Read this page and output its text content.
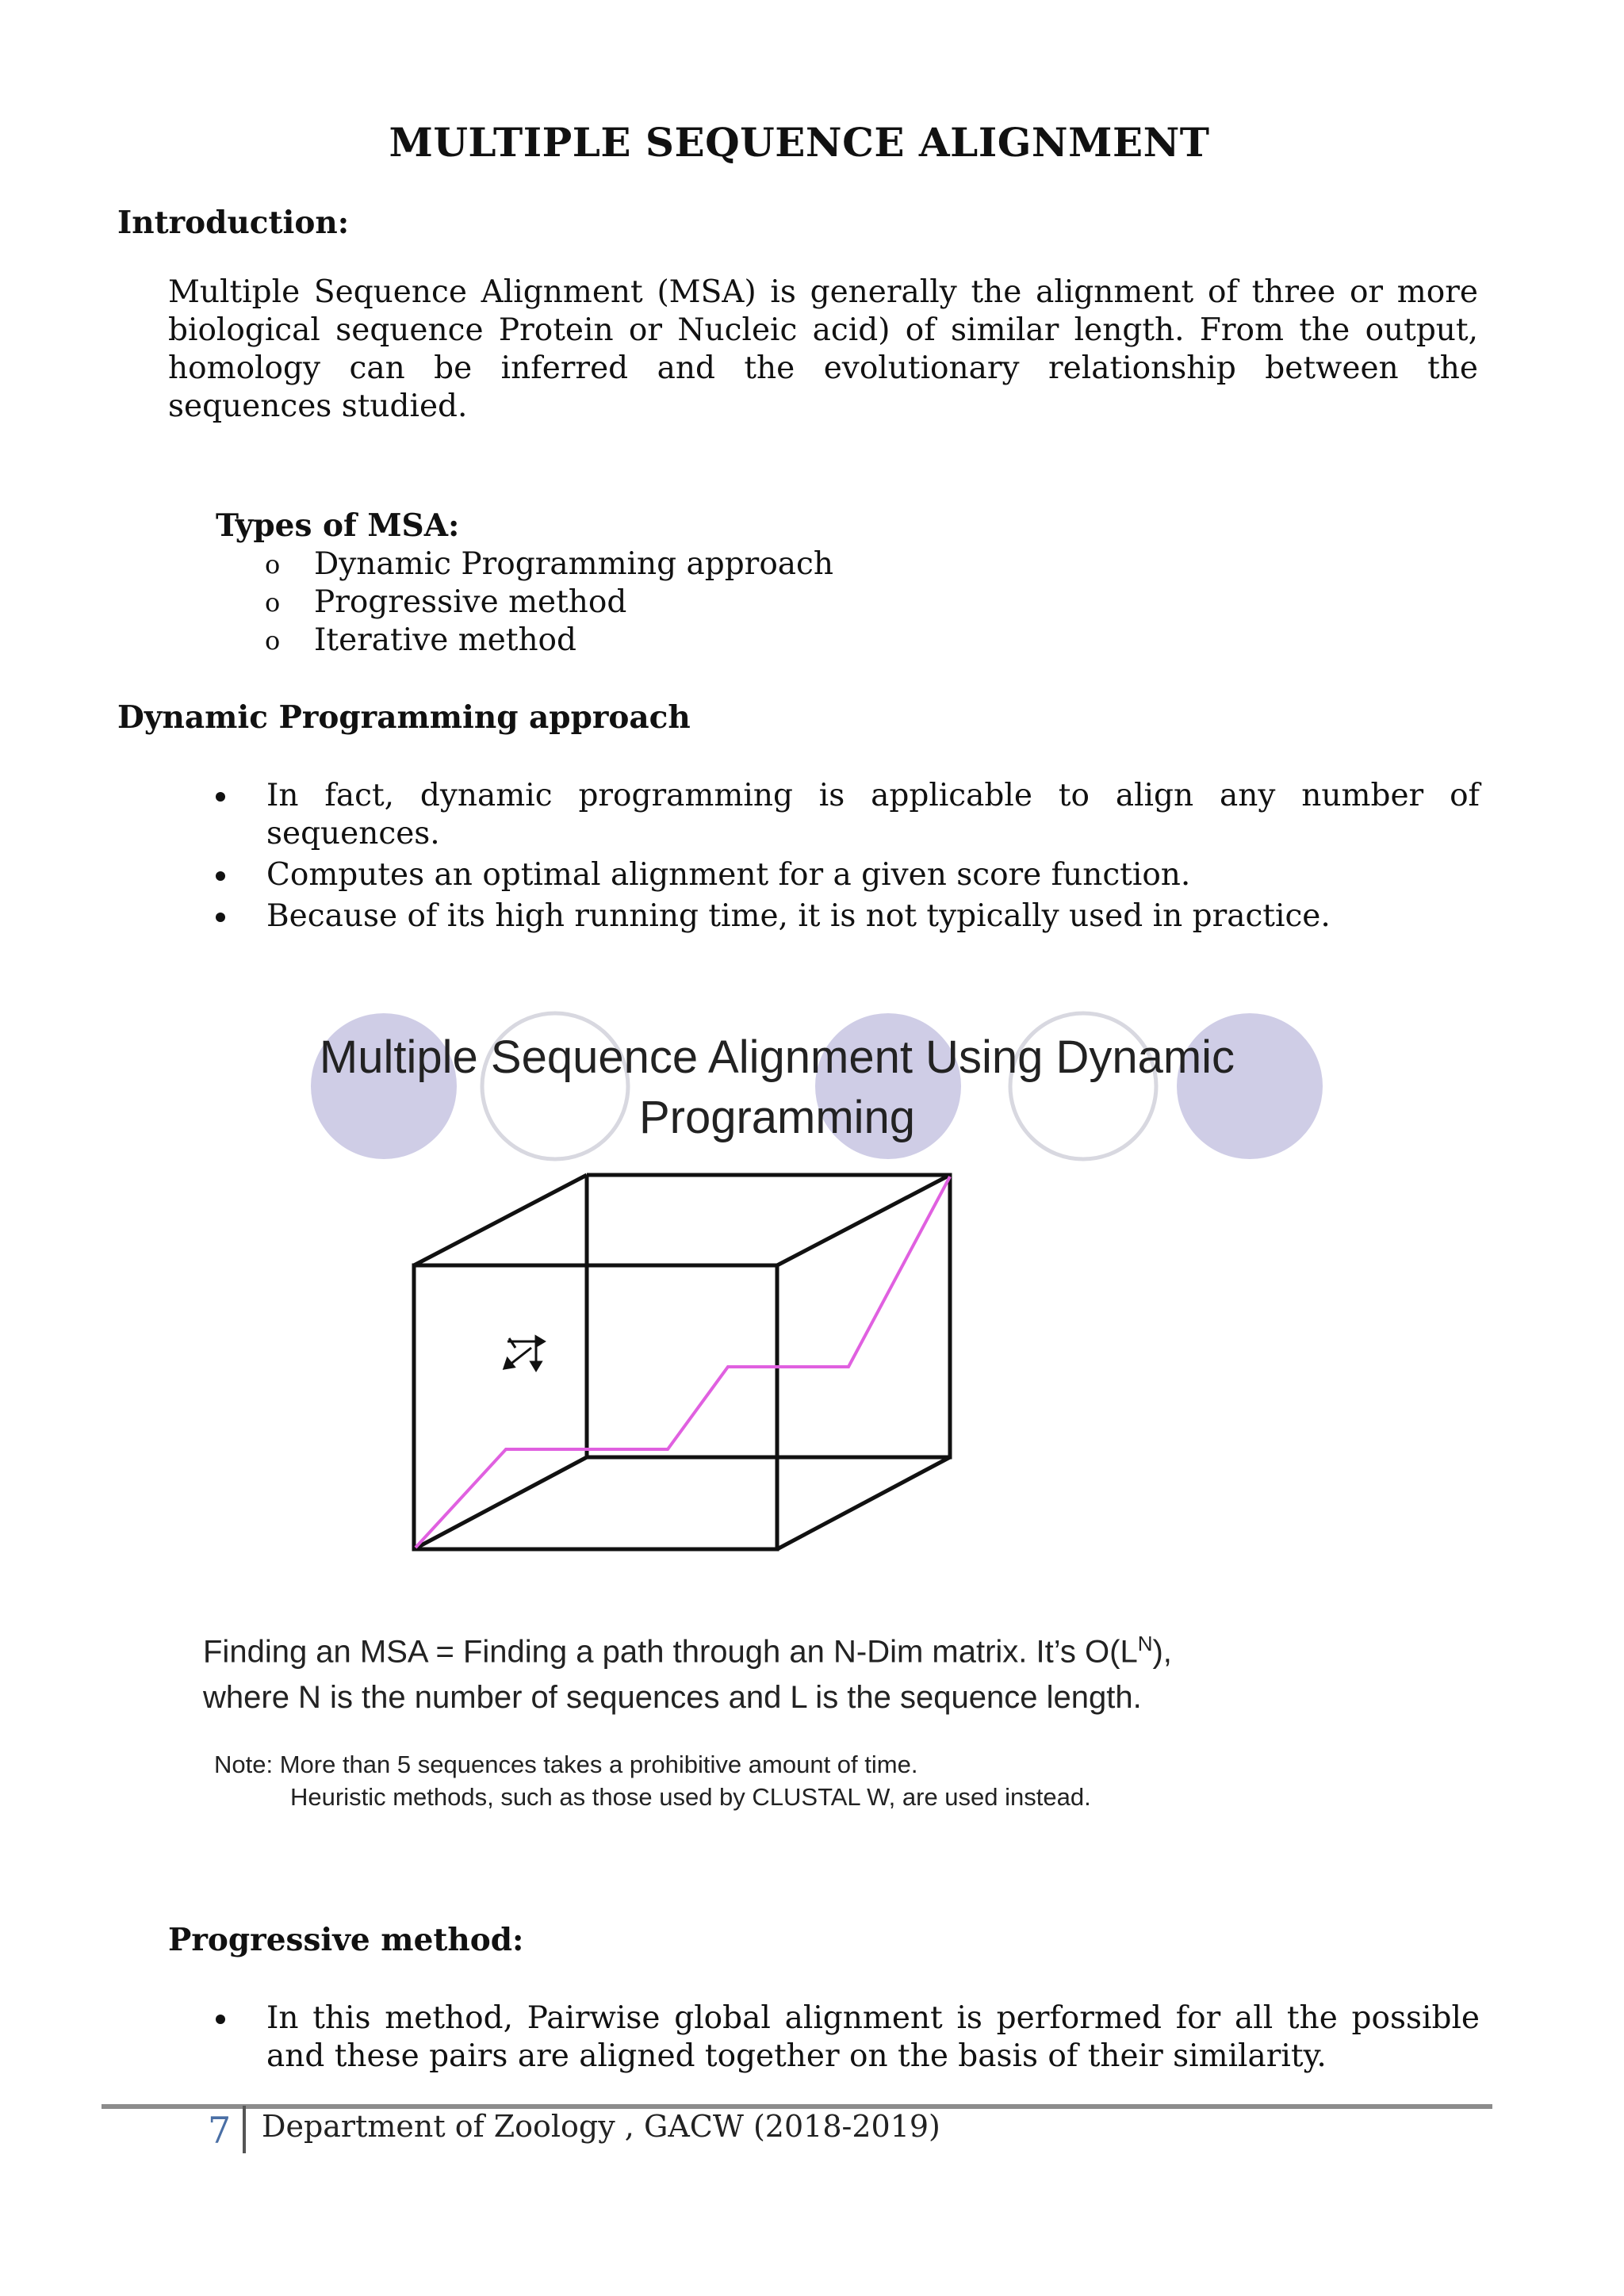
MULTIPLE SEQUENCE ALIGNMENT
Introduction:
Multiple Sequence Alignment (MSA) is generally the alignment of three or more
biological sequence Protein or Nucleic acid) of similar length. From the output,
homology can be inferred and the evolutionary relationship between the
sequences studied.
Types of MSA:
o Dynamic Programming approach
o Progressive method
o Iterative method
Dynamic Programming approach
In fact, dynamic programming is applicable to align any number of
sequences.
Computes an optimal alignment for a given score function.
Because of its high running time, it is not typically used in practice.
Multiple Sequence Alignment Using Dynamic
Programming
Finding an MSA = Finding a path through an N-Dim matrix. It’s $O(L^N)$,
where N is the number of sequences and L is the sequence length.
Note: More than 5 sequences takes a prohibitive amount of time.
Heuristic methods, such as those used by CLUSTAL W, are used instead.
Progressive method:
In this method, Pairwise global alignment is performed for all the possible
and these pairs are aligned together on the basis of their similarity.
7 Department of Zoology , GACW (2018-2019)
